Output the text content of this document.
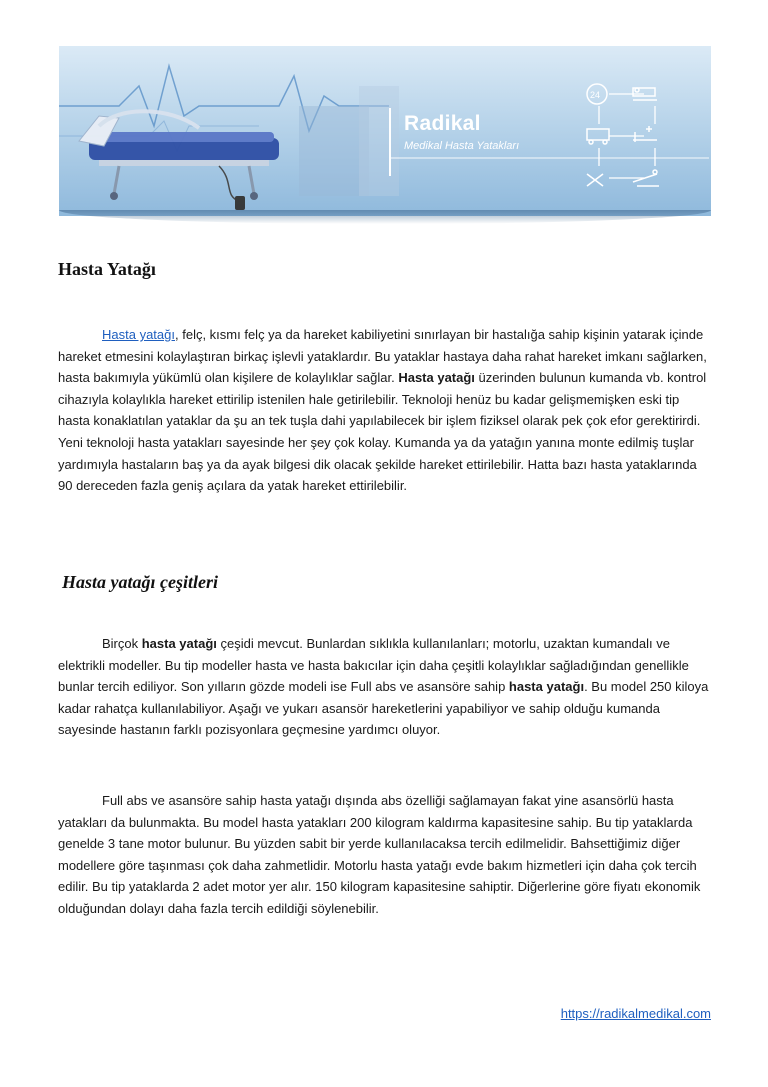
24
Radikal
Medikal Hasta Yatakları
Hasta Yatağı

Hasta yatağı, felç, kısmı felç ya da hareket kabiliyetini sınırlayan bir hastalığa sahip kişinin yatarak içinde hareket etmesini kolaylaştıran birkaç işlevli yataklardır. Bu yataklar hastaya daha rahat hareket imkanı sağlarken, hasta bakımıyla yükümlü olan kişilere de kolaylıklar sağlar. Hasta yatağı üzerinden bulunun kumanda vb. kontrol cihazıyla kolaylıkla hareket ettirilip istenilen hale getirilebilir. Teknoloji henüz bu kadar gelişmemişken eski tip hasta konaklatılan yataklar da şu an tek tuşla dahi yapılabilecek bir işlem fiziksel olarak pek çok efor gerektirirdi. Yeni teknoloji hasta yatakları sayesinde her şey çok kolay. Kumanda ya da yatağın yanına monte edilmiş tuşlar yardımıyla hastaların baş ya da ayak bilgesi dik olacak şekilde hareket ettirilebilir. Hatta bazı hasta yataklarında 90 dereceden fazla geniş açılara da yatak hareket ettirilebilir.

Hasta yatağı çeşitleri

Birçok hasta yatağı çeşidi mevcut. Bunlardan sıklıkla kullanılanları; motorlu, uzaktan kumandalı ve elektrikli modeller. Bu tip modeller hasta ve hasta bakıcılar için daha çeşitli kolaylıklar sağladığından genellikle bunlar tercih ediliyor. Son yılların gözde modeli ise Full abs ve asansöre sahip hasta yatağı. Bu model 250 kiloya kadar rahatça kullanılabiliyor. Aşağı ve yukarı asansör hareketlerini yapabiliyor ve sahip olduğu kumanda sayesinde hastanın farklı pozisyonlara geçmesine yardımcı oluyor.

Full abs ve asansöre sahip hasta yatağı dışında abs özelliği sağlamayan fakat yine asansörlü hasta yatakları da bulunmakta. Bu model hasta yatakları 200 kilogram kaldırma kapasitesine sahip. Bu tip yataklarda genelde 3 tane motor bulunur. Bu yüzden sabit bir yerde kullanılacaksa tercih edilmelidir. Bahsettiğimiz diğer modellere göre taşınması çok daha zahmetlidir. Motorlu hasta yatağı evde bakım hizmetleri için daha çok tercih edilir. Bu tip yataklarda 2 adet motor yer alır. 150 kilogram kapasitesine sahiptir. Diğerlerine göre fiyatı ekonomik olduğundan dolayı daha fazla tercih edildiği söylenebilir.

https://radikalmedikal.com
